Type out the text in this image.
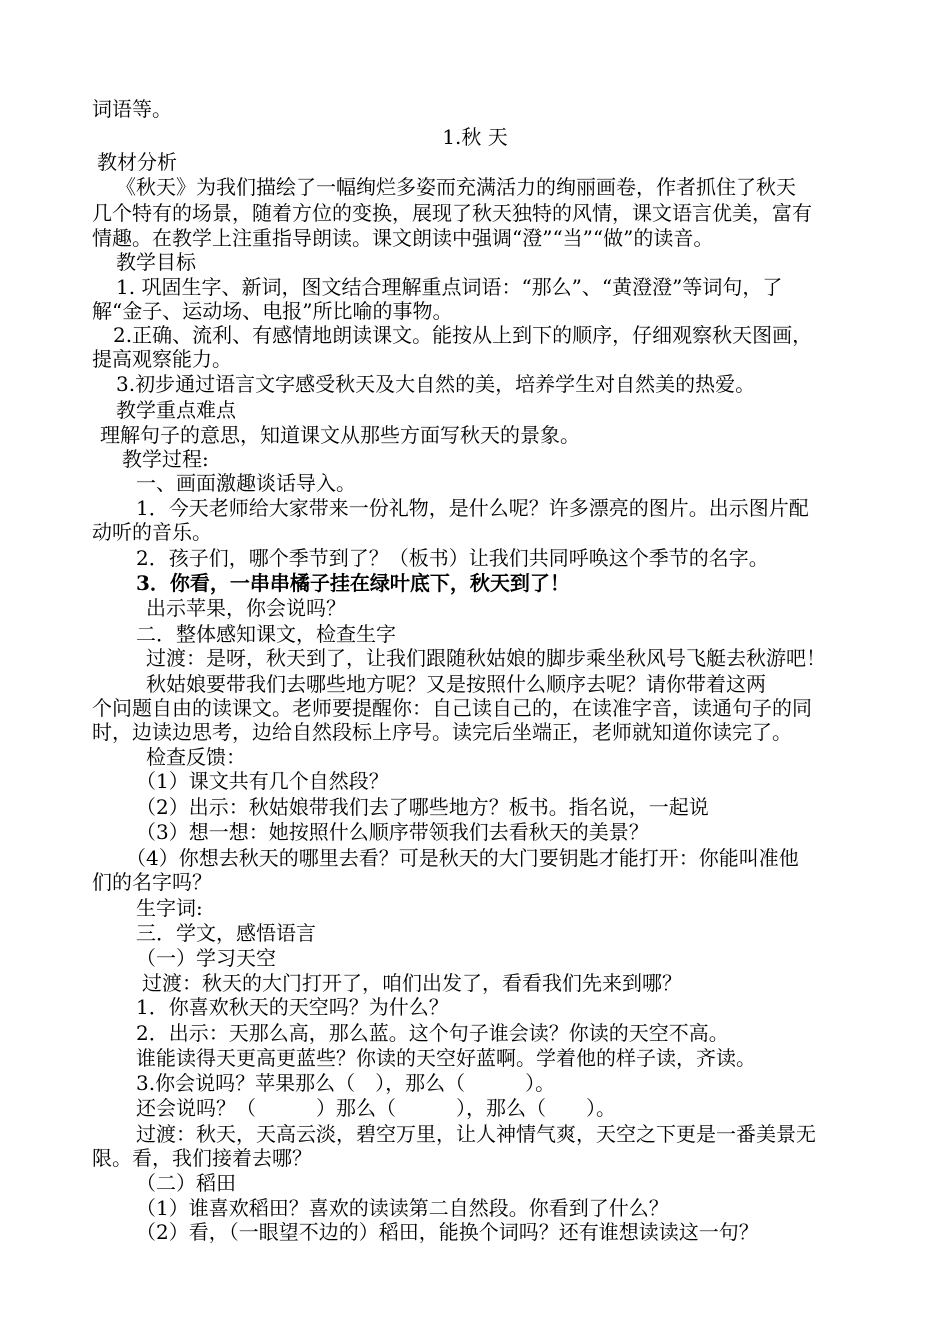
词语等。
1.秋 天
教材分析
《秋天》为我们描绘了一幅绚烂多姿而充满活力的绚丽画卷，作者抓住了秋天
几个特有的场景，随着方位的变换，展现了秋天独特的风情，课文语言优美，富有
情趣。在教学上注重指导朗读。课文朗读中强调“澄”“当”“做”的读音。
教学目标
1. 巩固生字、新词，图文结合理解重点词语：“那么”、“黄澄澄”等词句，了
解“金子、运动场、电报”所比喻的事物。
2.正确、流利、有感情地朗读课文。能按从上到下的顺序，仔细观察秋天图画，
提高观察能力。
3.初步通过语言文字感受秋天及大自然的美，培养学生对自然美的热爱。
教学重点难点
理解句子的意思，知道课文从那些方面写秋天的景象。
教学过程:
一、画面激趣谈话导入。
1．今天老师给大家带来一份礼物，是什么呢？许多漂亮的图片。出示图片配
动听的音乐。
2．孩子们，哪个季节到了？（板书）让我们共同呼唤这个季节的名字。
3．你看，一串串橘子挂在绿叶底下，秋天到了！
出示苹果，你会说吗？
二．整体感知课文，检查生字
过渡：是呀，秋天到了，让我们跟随秋姑娘的脚步乘坐秋风号飞艇去秋游吧！
秋姑娘要带我们去哪些地方呢？又是按照什么顺序去呢？请你带着这两
个问题自由的读课文。老师要提醒你：自己读自己的，在读准字音，读通句子的同
时，边读边思考，边给自然段标上序号。读完后坐端正，老师就知道你读完了。
检查反馈：
（1）课文共有几个自然段？
（2）出示：秋姑娘带我们去了哪些地方？板书。指名说，一起说
（3）想一想：她按照什么顺序带领我们去看秋天的美景？
（4）你想去秋天的哪里去看？可是秋天的大门要钥匙才能打开：你能叫准他
们的名字吗？
生字词:
三．学文，感悟语言
（一）学习天空
过渡：秋天的大门打开了，咱们出发了，看看我们先来到哪？
1．你喜欢秋天的天空吗？为什么？
2．出示：天那么高，那么蓝。这个句子谁会读？你读的天空不高。
谁能读得天更高更蓝些？你读的天空好蓝啊。学着他的样子读，齐读。
3.你会说吗？苹果那么（　），那么（　　　）。
还会说吗？（　　　）那么（　　　），那么（　　）。
过渡：秋天，天高云淡，碧空万里，让人神情气爽，天空之下更是一番美景无
限。看，我们接着去哪？
（二）稻田
（1）谁喜欢稻田？喜欢的读读第二自然段。你看到了什么？
（2）看，（一眼望不边的）稻田，能换个词吗？还有谁想读读这一句？
